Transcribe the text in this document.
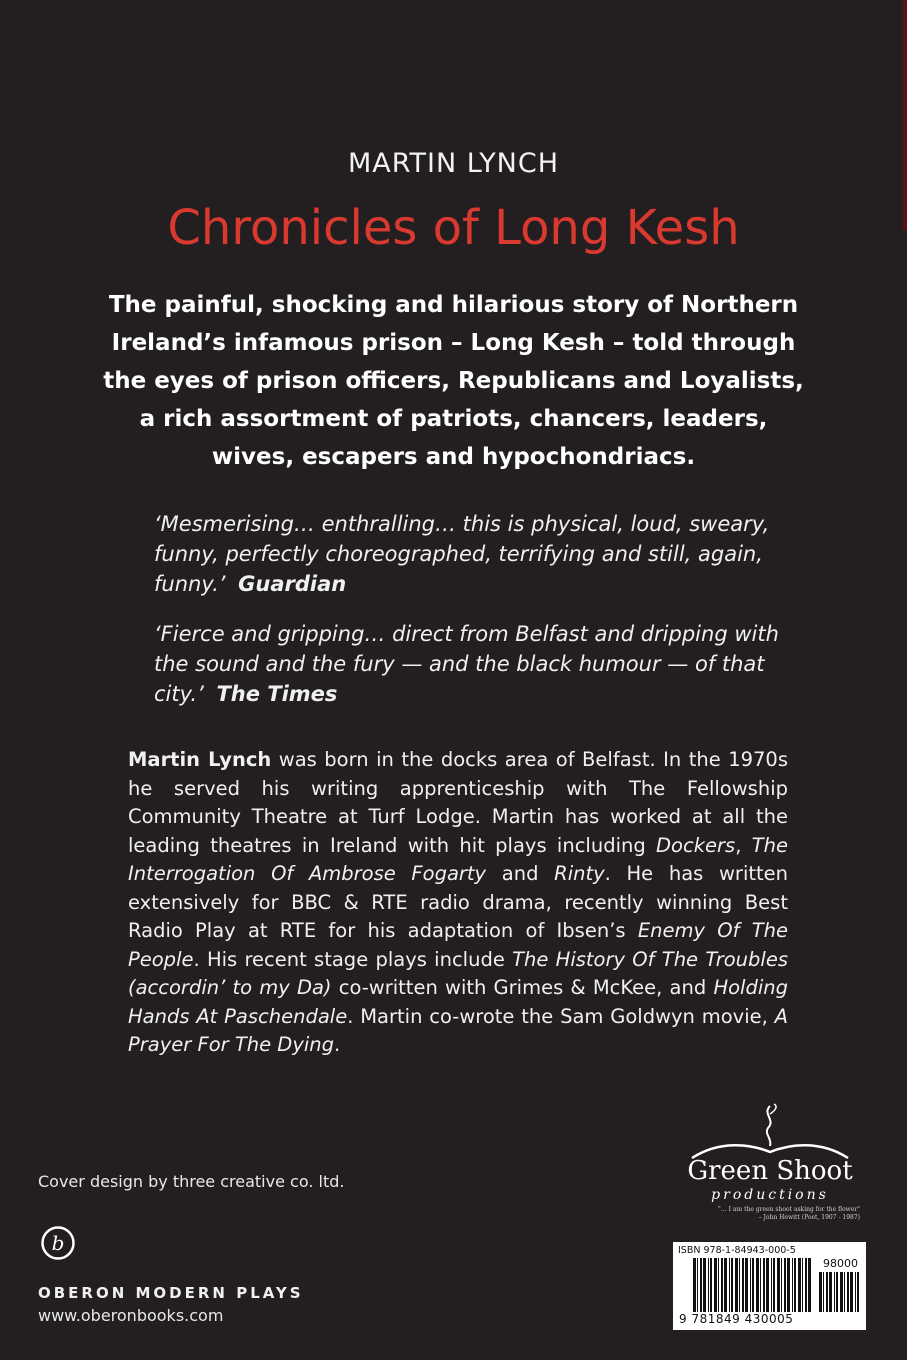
MARTIN LYNCH
Chronicles of Long Kesh
The painful, shocking and hilarious story of Northern Ireland’s infamous prison – Long Kesh – told through the eyes of prison officers, Republicans and Loyalists, a rich assortment of patriots, chancers, leaders, wives, escapers and hypochondriacs.
‘Mesmerising… enthralling… this is physical, loud, sweary, funny, perfectly choreographed, terrifying and still, again, funny.’ Guardian
‘Fierce and gripping… direct from Belfast and dripping with the sound and the fury — and the black humour — of that city.’ The Times
Martin Lynch was born in the docks area of Belfast. In the 1970s he served his writing apprenticeship with The Fellowship Community Theatre at Turf Lodge. Martin has worked at all the leading theatres in Ireland with hit plays including Dockers, The Interrogation Of Ambrose Fogarty and Rinty. He has written extensively for BBC & RTE radio drama, recently winning Best Radio Play at RTE for his adaptation of Ibsen’s Enemy Of The People. His recent stage plays include The History Of The Troubles (accordin’ to my Da) co-written with Grimes & McKee, and Holding Hands At Paschendale. Martin co-wrote the Sam Goldwyn movie, A Prayer For The Dying.
Cover design by three creative co. ltd.
b
OBERON MODERN PLAYS
www.oberonbooks.com
Green Shoot
productions
"… I am the green shoot asking for the flower"
– John Hewitt (Poet, 1907 - 1987)
ISBN 978-1-84943-000-5
98000
9 781849 430005
